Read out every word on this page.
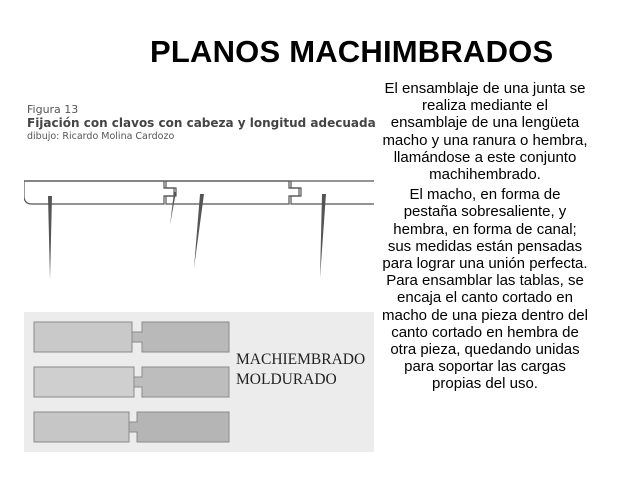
PLANOS MACHIMBRADOS
Figura 13
Fijación con clavos con cabeza y longitud adecuada
dibujo: Ricardo Molina Cardozo
MACHIEMBRADO
MOLDURADO

El ensamblaje de una junta se realiza mediante el ensamblaje de una lengüeta macho y una ranura o hembra, llamándose a este conjunto machihembrado.

El macho, en forma de pestaña sobresaliente, y hembra, en forma de canal; sus medidas están pensadas para lograr una unión perfecta. Para ensamblar las tablas, se encaja el canto cortado en macho de una pieza dentro del canto cortado en hembra de otra pieza, quedando unidas para soportar las cargas propias del uso.
